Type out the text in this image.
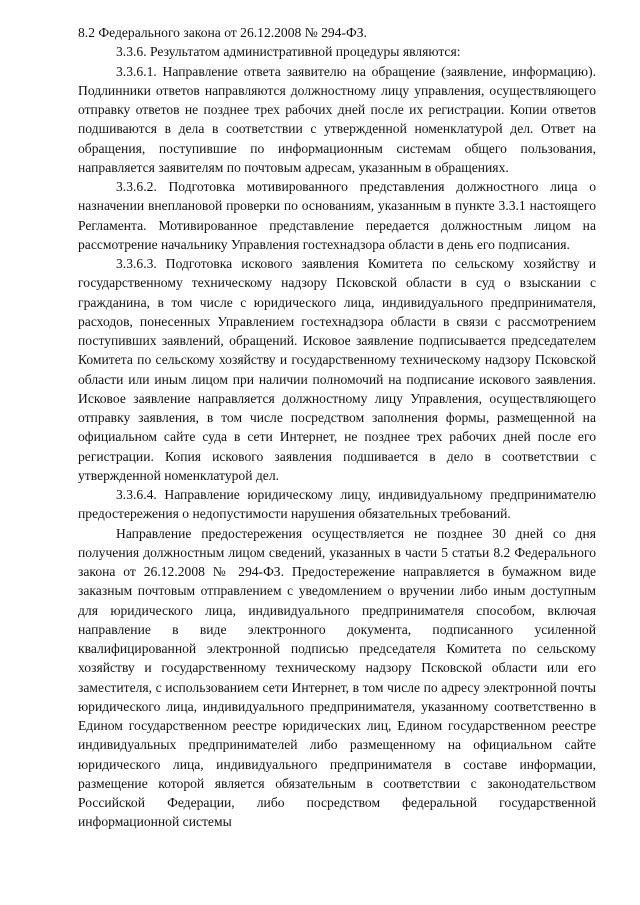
8.2 Федерального закона от 26.12.2008 № 294-ФЗ.

3.3.6. Результатом административной процедуры являются:

3.3.6.1. Направление ответа заявителю на обращение (заявление, информацию). Подлинники ответов направляются должностному лицу управления, осуществляющего отправку ответов не позднее трех рабочих дней после их регистрации. Копии ответов подшиваются в дела в соответствии с утвержденной номенклатурой дел. Ответ на обращения, поступившие по информационным системам общего пользования, направляется заявителям по почтовым адресам, указанным в обращениях.

3.3.6.2. Подготовка мотивированного представления должностного лица о назначении внеплановой проверки по основаниям, указанным в пункте 3.3.1 настоящего Регламента. Мотивированное представление передается должностным лицом на рассмотрение начальнику Управления гостехнадзора области в день его подписания.

3.3.6.3. Подготовка искового заявления Комитета по сельскому хозяйству и государственному техническому надзору Псковской области в суд о взыскании с гражданина, в том числе с юридического лица, индивидуального предпринимателя, расходов, понесенных Управлением гостехнадзора области в связи с рассмотрением поступивших заявлений, обращений. Исковое заявление подписывается председателем Комитета по сельскому хозяйству и государственному техническому надзору Псковской области или иным лицом при наличии полномочий на подписание искового заявления. Исковое заявление направляется должностному лицу Управления, осуществляющего отправку заявления, в том числе посредством заполнения формы, размещенной на официальном сайте суда в сети Интернет, не позднее трех рабочих дней после его регистрации. Копия искового заявления подшивается в дело в соответствии с утвержденной номенклатурой дел.

3.3.6.4. Направление юридическому лицу, индивидуальному предпринимателю предостережения о недопустимости нарушения обязательных требований.

Направление предостережения осуществляется не позднее 30 дней со дня получения должностным лицом сведений, указанных в части 5 статьи 8.2 Федерального закона от 26.12.2008 № 294-ФЗ. Предостережение направляется в бумажном виде заказным почтовым отправлением с уведомлением о вручении либо иным доступным для юридического лица, индивидуального предпринимателя способом, включая направление в виде электронного документа, подписанного усиленной квалифицированной электронной подписью председателя Комитета по сельскому хозяйству и государственному техническому надзору Псковской области или его заместителя, с использованием сети Интернет, в том числе по адресу электронной почты юридического лица, индивидуального предпринимателя, указанному соответственно в Едином государственном реестре юридических лиц, Едином государственном реестре индивидуальных предпринимателей либо размещенному на официальном сайте юридического лица, индивидуального предпринимателя в составе информации, размещение которой является обязательным в соответствии с законодательством Российской Федерации, либо посредством федеральной государственной информационной системы
